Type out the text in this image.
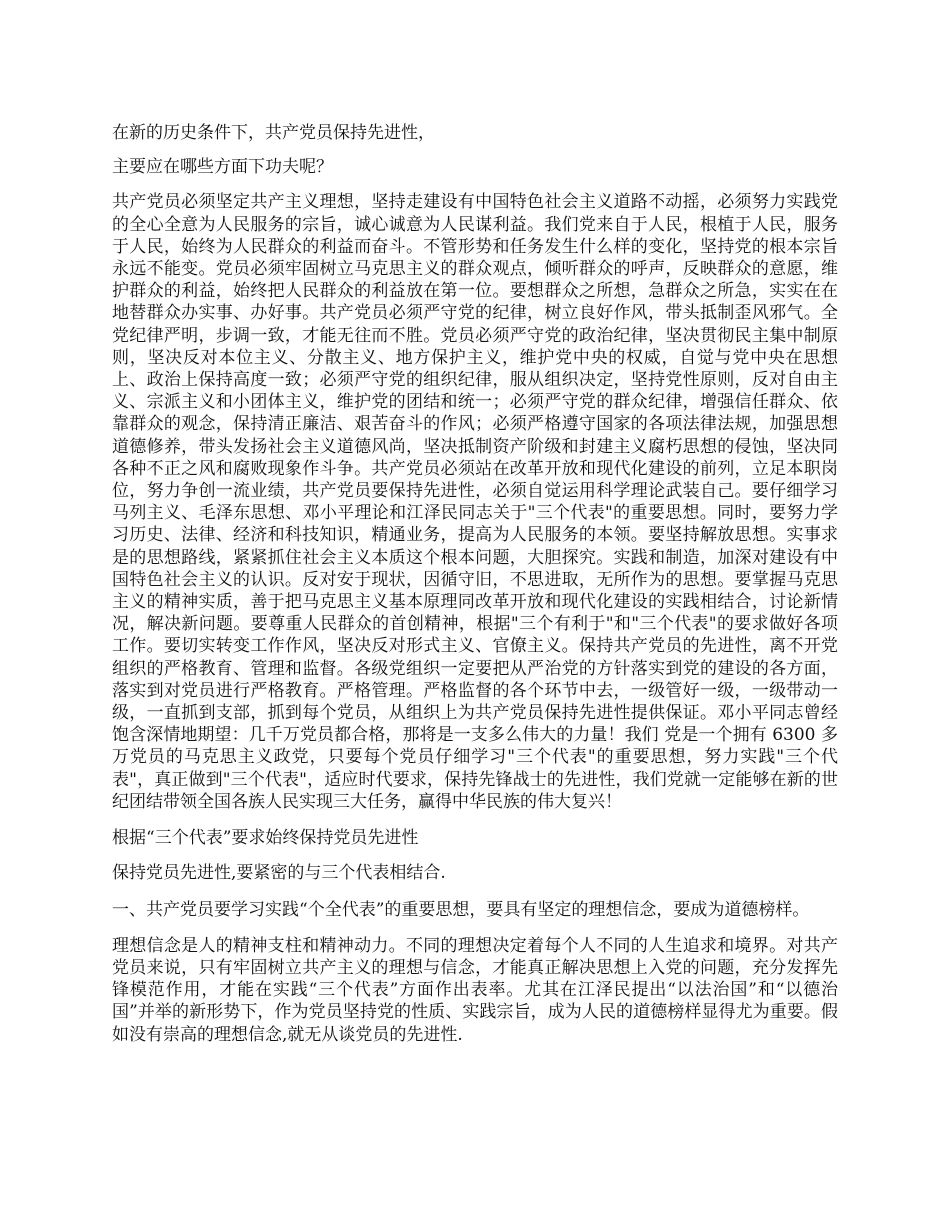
在新的历史条件下，共产党员保持先进性，

主要应在哪些方面下功夫呢？

共产党员必须坚定共产主义理想，坚持走建设有中国特色社会主义道路不动摇，必须努力实践党的全心全意为人民服务的宗旨，诚心诚意为人民谋利益。我们党来自于人民，根植于人民，服务于人民，始终为人民群众的利益而奋斗。不管形势和任务发生什么样的变化，坚持党的根本宗旨永远不能变。党员必须牢固树立马克思主义的群众观点，倾听群众的呼声，反映群众的意愿，维护群众的利益，始终把人民群众的利益放在第一位。要想群众之所想，急群众之所急，实实在在地替群众办实事、办好事。共产党员必须严守党的纪律，树立良好作风，带头抵制歪风邪气。全党纪律严明，步调一致，才能无往而不胜。党员必须严守党的政治纪律，坚决贯彻民主集中制原则，坚决反对本位主义、分散主义、地方保护主义，维护党中央的权威，自觉与党中央在思想上、政治上保持高度一致；必须严守党的组织纪律，服从组织决定，坚持党性原则，反对自由主义、宗派主义和小团体主义，维护党的团结和统一；必须严守党的群众纪律，增强信任群众、依靠群众的观念，保持清正廉洁、艰苦奋斗的作风；必须严格遵守国家的各项法律法规，加强思想道德修养，带头发扬社会主义道德风尚，坚决抵制资产阶级和封建主义腐朽思想的侵蚀，坚决同各种不正之风和腐败现象作斗争。共产党员必须站在改革开放和现代化建设的前列，立足本职岗位，努力争创一流业绩，共产党员要保持先进性，必须自觉运用科学理论武装自己。要仔细学习马列主义、毛泽东思想、邓小平理论和江泽民同志关于"三个代表"的重要思想。同时，要努力学习历史、法律、经济和科技知识，精通业务，提高为人民服务的本领。要坚持解放思想。实事求是的思想路线，紧紧抓住社会主义本质这个根本问题，大胆探究。实践和制造，加深对建设有中国特色社会主义的认识。反对安于现状，因循守旧，不思进取，无所作为的思想。要掌握马克思主义的精神实质，善于把马克思主义基本原理同改革开放和现代化建设的实践相结合，讨论新情况，解决新问题。要尊重人民群众的首创精神，根据"三个有利于"和"三个代表"的要求做好各项工作。要切实转变工作作风，坚决反对形式主义、官僚主义。保持共产党员的先进性，离不开党组织的严格教育、管理和监督。各级党组织一定要把从严治党的方针落实到党的建设的各方面，落实到对党员进行严格教育。严格管理。严格监督的各个环节中去，一级管好一级，一级带动一级，一直抓到支部，抓到每个党员，从组织上为共产党员保持先进性提供保证。邓小平同志曾经饱含深情地期望：几千万党员都合格，那将是一支多么伟大的力量！我们 党是一个拥有 6300 多万党员的马克思主义政党，只要每个党员仔细学习"三个代表"的重要思想，努力实践"三个代表"，真正做到"三个代表"，适应时代要求，保持先锋战士的先进性，我们党就一定能够在新的世纪团结带领全国各族人民实现三大任务，赢得中华民族的伟大复兴！

根据“三个代表”要求始终保持党员先进性

保持党员先进性,要紧密的与三个代表相结合.

一、共产党员要学习实践“个全代表”的重要思想，要具有坚定的理想信念，要成为道德榜样。

理想信念是人的精神支柱和精神动力。不同的理想决定着每个人不同的人生追求和境界。对共产党员来说，只有牢固树立共产主义的理想与信念，才能真正解决思想上入党的问题，充分发挥先锋模范作用，才能在实践“三个代表”方面作出表率。尤其在江泽民提出“以法治国”和“以德治国”并举的新形势下，作为党员坚持党的性质、实践宗旨，成为人民的道德榜样显得尤为重要。假如没有崇高的理想信念,就无从谈党员的先进性.
